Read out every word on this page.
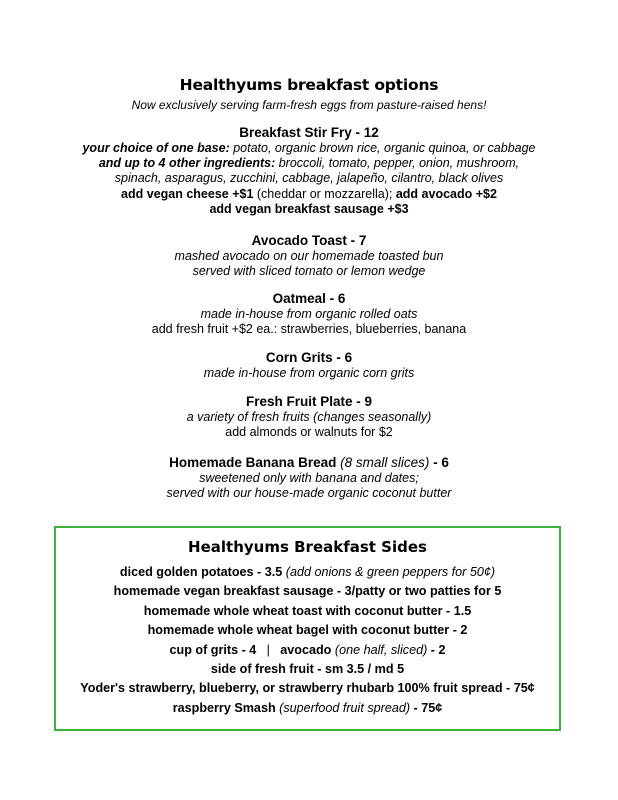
Healthyums breakfast options
Now exclusively serving farm-fresh eggs from pasture-raised hens!
Breakfast Stir Fry - 12
your choice of one base: potato, organic brown rice, organic quinoa, or cabbage
and up to 4 other ingredients: broccoli, tomato, pepper, onion, mushroom,
spinach, asparagus, zucchini, cabbage, jalapeño, cilantro, black olives
add vegan cheese +$1 (cheddar or mozzarella); add avocado +$2
add vegan breakfast sausage +$3
Avocado Toast - 7
mashed avocado on our homemade toasted bun
served with sliced tomato or lemon wedge
Oatmeal - 6
made in-house from organic rolled oats
add fresh fruit +$2 ea.: strawberries, blueberries, banana
Corn Grits - 6
made in-house from organic corn grits
Fresh Fruit Plate - 9
a variety of fresh fruits (changes seasonally)
add almonds or walnuts for $2
Homemade Banana Bread (8 small slices) - 6
sweetened only with banana and dates;
served with our house-made organic coconut butter
Healthyums Breakfast Sides
diced golden potatoes - 3.5 (add onions & green peppers for 50¢)
homemade vegan breakfast sausage - 3/patty or two patties for 5
homemade whole wheat toast with coconut butter - 1.5
homemade whole wheat bagel with coconut butter - 2
cup of grits - 4 | avocado (one half, sliced) - 2
side of fresh fruit - sm 3.5 / md 5
Yoder's strawberry, blueberry, or strawberry rhubarb 100% fruit spread - 75¢
raspberry Smash (superfood fruit spread) - 75¢
